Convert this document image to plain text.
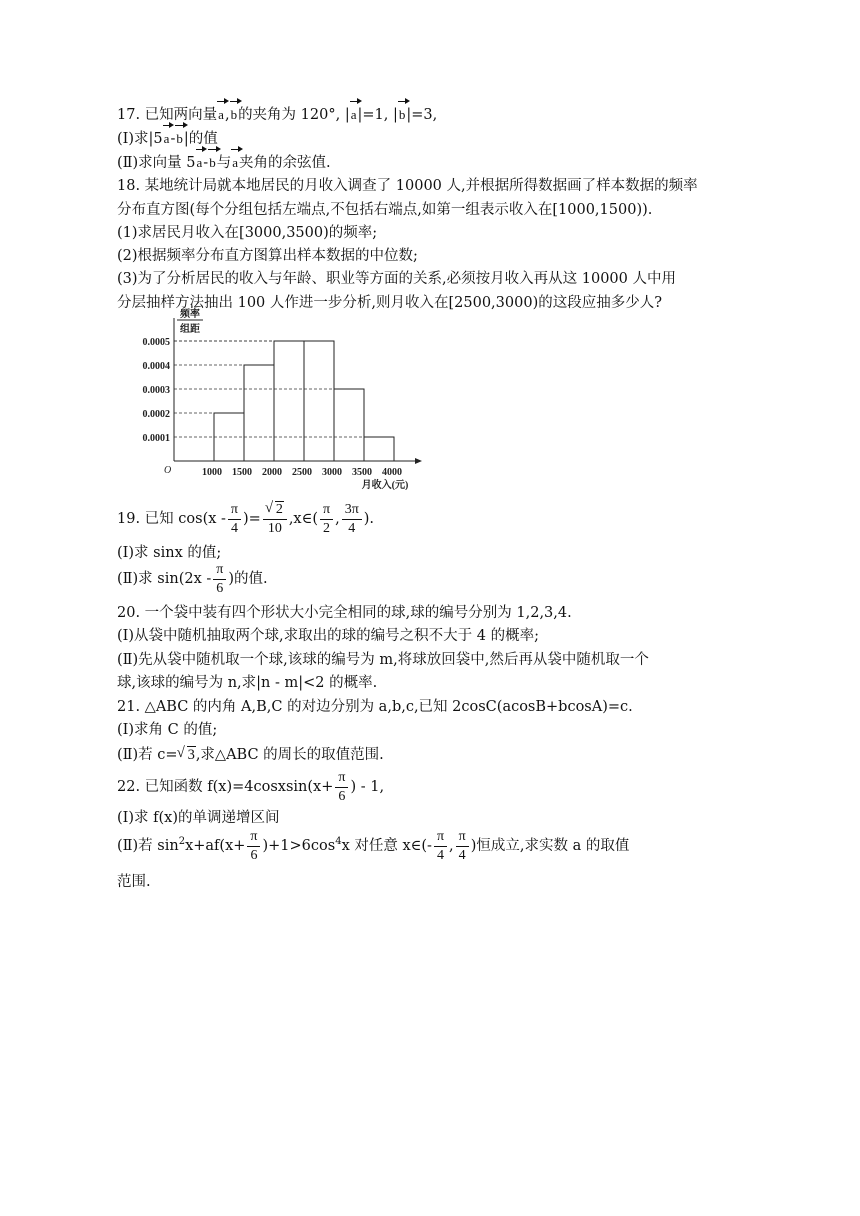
17. 已知两向量a,b的夹角为 120°, |a|=1, |b|=3,
(Ⅰ)求|5a-b|的值
(Ⅱ)求向量 5a-b与a夹角的余弦值.
18. 某地统计局就本地居民的月收入调查了 10000 人,并根据所得数据画了样本数据的频率
分布直方图(每个分组包括左端点,不包括右端点,如第一组表示收入在[1000,1500)).
(1)求居民月收入在[3000,3500)的频率;
(2)根据频率分布直方图算出样本数据的中位数;
(3)为了分析居民的收入与年龄、职业等方面的关系,必须按月收入再从这 10000 人中用
分层抽样方法抽出 100 人作进一步分析,则月收入在[2500,3000)的这段应抽多少人?
0.0001
0.0002
0.0003
0.0004
0.0005
1000 1500 2000 2500 3000 3500 4000
O
频率
组距
月收入(元)
19. 已知 $\cos(x - \frac{\pi}{4}$ )= √ $\frac{2}{10}$ ,x∈( $\frac{\pi}{2}$ , $\frac{3\pi}{4}$ ).
(Ⅰ)求 sinx 的值;
(Ⅱ)求 $\sin(2x - \frac{\pi}{6}$ )的值.
20. 一个袋中装有四个形状大小完全相同的球,球的编号分别为 1,2,3,4.
(Ⅰ)从袋中随机抽取两个球,求取出的球的编号之积不大于 4 的概率;
(Ⅱ)先从袋中随机取一个球,该球的编号为 m,将球放回袋中,然后再从袋中随机取一个
球,该球的编号为 n,求|n - m|<2 的概率.
21. △ABC 的内角 A,B,C 的对边分别为 a,b,c,已知 2cosC(acosB+bcosA)=c.
(Ⅰ)求角 C 的值;
(Ⅱ)若 c= √ 3,求△ABC 的周长的取值范围.
22. 已知函数 f(x)=4cosxsin(x+ $\frac{\pi}{6}$ ) - 1,
(Ⅰ)求 f(x)的单调递增区间
(Ⅱ)若 $\sin^2x+af(x+ \frac{\pi}{6} )+1>6\cos^4x$ 对任意 x∈(- $\frac{\pi}{4}$ , $\frac{\pi}{4}$ )恒成立,求实数 a 的取值
范围.
